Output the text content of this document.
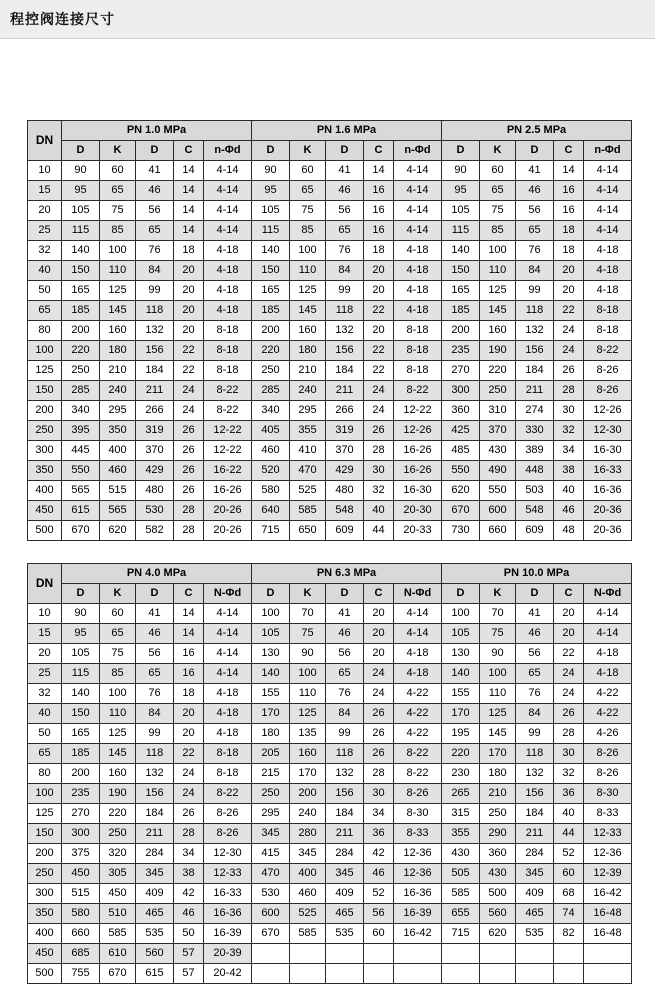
程控阀连接尺寸
DN	PN 1.0 MPa					PN 1.6 MPa					PN 2.5 MPa				
	D	K	D	C	n-Φd	D	K	D	C	n-Φd	D	K	D	C	n-Φd
10	90	60	41	14	4-14	90	60	41	14	4-14	90	60	41	14	4-14
15	95	65	46	14	4-14	95	65	46	16	4-14	95	65	46	16	4-14
20	105	75	56	14	4-14	105	75	56	16	4-14	105	75	56	16	4-14
25	115	85	65	14	4-14	115	85	65	16	4-14	115	85	65	18	4-14
32	140	100	76	18	4-18	140	100	76	18	4-18	140	100	76	18	4-18
40	150	110	84	20	4-18	150	110	84	20	4-18	150	110	84	20	4-18
50	165	125	99	20	4-18	165	125	99	20	4-18	165	125	99	20	4-18
65	185	145	118	20	4-18	185	145	118	22	4-18	185	145	118	22	8-18
80	200	160	132	20	8-18	200	160	132	20	8-18	200	160	132	24	8-18
100	220	180	156	22	8-18	220	180	156	22	8-18	235	190	156	24	8-22
125	250	210	184	22	8-18	250	210	184	22	8-18	270	220	184	26	8-26
150	285	240	211	24	8-22	285	240	211	24	8-22	300	250	211	28	8-26
200	340	295	266	24	8-22	340	295	266	24	12-22	360	310	274	30	12-26
250	395	350	319	26	12-22	405	355	319	26	12-26	425	370	330	32	12-30
300	445	400	370	26	12-22	460	410	370	28	16-26	485	430	389	34	16-30
350	550	460	429	26	16-22	520	470	429	30	16-26	550	490	448	38	16-33
400	565	515	480	26	16-26	580	525	480	32	16-30	620	550	503	40	16-36
450	615	565	530	28	20-26	640	585	548	40	20-30	670	600	548	46	20-36
500	670	620	582	28	20-26	715	650	609	44	20-33	730	660	609	48	20-36
DN	PN 4.0 MPa					PN 6.3 MPa					PN 10.0 MPa				
	D	K	D	C	N-Φd	D	K	D	C	N-Φd	D	K	D	C	N-Φd
10	90	60	41	14	4-14	100	70	41	20	4-14	100	70	41	20	4-14
15	95	65	46	14	4-14	105	75	46	20	4-14	105	75	46	20	4-14
20	105	75	56	16	4-14	130	90	56	20	4-18	130	90	56	22	4-18
25	115	85	65	16	4-14	140	100	65	24	4-18	140	100	65	24	4-18
32	140	100	76	18	4-18	155	110	76	24	4-22	155	110	76	24	4-22
40	150	110	84	20	4-18	170	125	84	26	4-22	170	125	84	26	4-22
50	165	125	99	20	4-18	180	135	99	26	4-22	195	145	99	28	4-26
65	185	145	118	22	8-18	205	160	118	26	8-22	220	170	118	30	8-26
80	200	160	132	24	8-18	215	170	132	28	8-22	230	180	132	32	8-26
100	235	190	156	24	8-22	250	200	156	30	8-26	265	210	156	36	8-30
125	270	220	184	26	8-26	295	240	184	34	8-30	315	250	184	40	8-33
150	300	250	211	28	8-26	345	280	211	36	8-33	355	290	211	44	12-33
200	375	320	284	34	12-30	415	345	284	42	12-36	430	360	284	52	12-36
250	450	305	345	38	12-33	470	400	345	46	12-36	505	430	345	60	12-39
300	515	450	409	42	16-33	530	460	409	52	16-36	585	500	409	68	16-42
350	580	510	465	46	16-36	600	525	465	56	16-39	655	560	465	74	16-48
400	660	585	535	50	16-39	670	585	535	60	16-42	715	620	535	82	16-48
450	685	610	560	57	20-39										
500	755	670	615	57	20-42										
